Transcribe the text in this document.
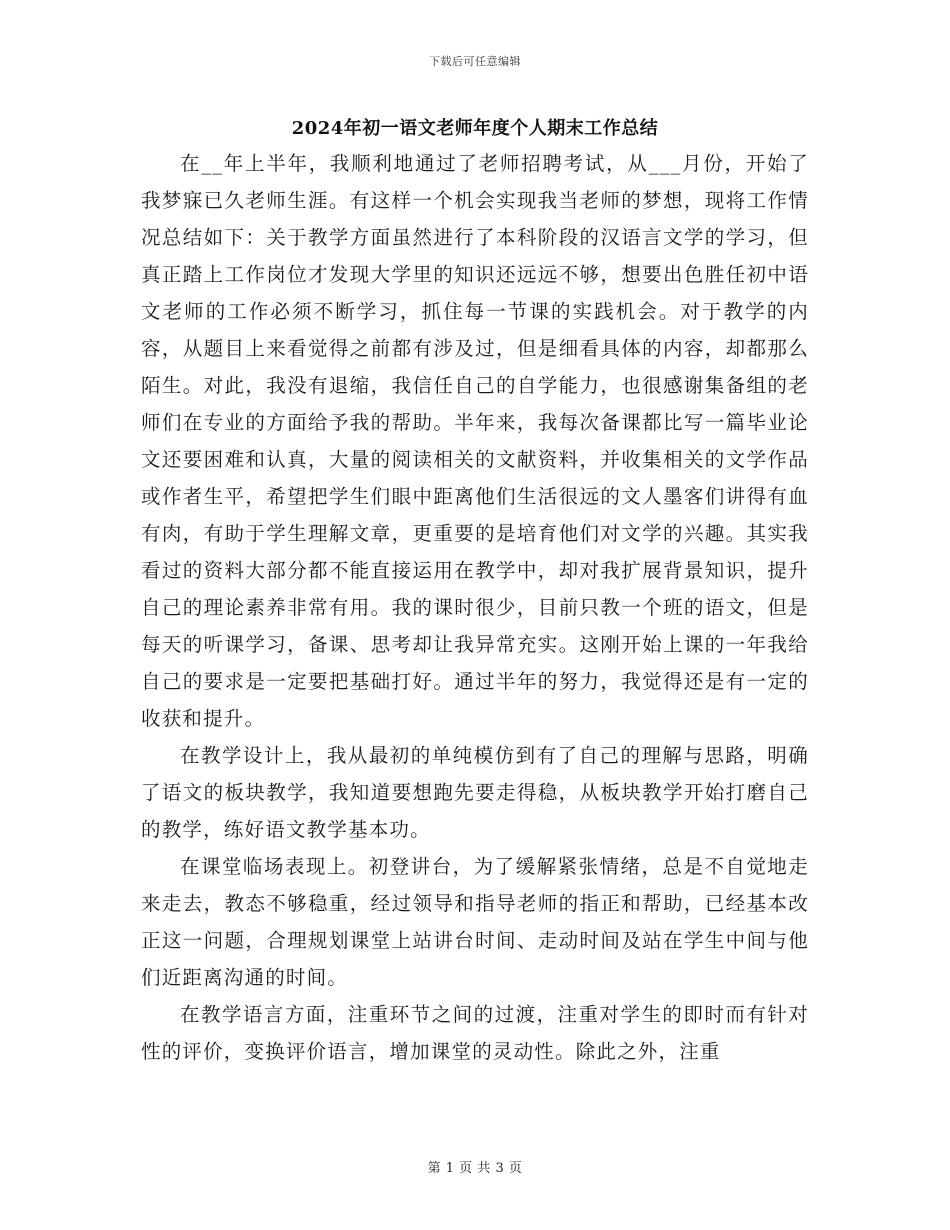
下载后可任意编辑
2024年初一语文老师年度个人期末工作总结

在__年上半年，我顺利地通过了老师招聘考试，从___月份，开始了我梦寐已久老师生涯。有这样一个机会实现我当老师的梦想，现将工作情况总结如下：关于教学方面虽然进行了本科阶段的汉语言文学的学习，但真正踏上工作岗位才发现大学里的知识还远远不够，想要出色胜任初中语文老师的工作必须不断学习，抓住每一节课的实践机会。对于教学的内容，从题目上来看觉得之前都有涉及过，但是细看具体的内容，却都那么陌生。对此，我没有退缩，我信任自己的自学能力，也很感谢集备组的老师们在专业的方面给予我的帮助。半年来，我每次备课都比写一篇毕业论文还要困难和认真，大量的阅读相关的文献资料，并收集相关的文学作品或作者生平，希望把学生们眼中距离他们生活很远的文人墨客们讲得有血有肉，有助于学生理解文章，更重要的是培育他们对文学的兴趣。其实我看过的资料大部分都不能直接运用在教学中，却对我扩展背景知识，提升自己的理论素养非常有用。我的课时很少，目前只教一个班的语文，但是每天的听课学习，备课、思考却让我异常充实。这刚开始上课的一年我给自己的要求是一定要把基础打好。通过半年的努力，我觉得还是有一定的收获和提升。

在教学设计上，我从最初的单纯模仿到有了自己的理解与思路，明确了语文的板块教学，我知道要想跑先要走得稳，从板块教学开始打磨自己的教学，练好语文教学基本功。

在课堂临场表现上。初登讲台，为了缓解紧张情绪，总是不自觉地走来走去，教态不够稳重，经过领导和指导老师的指正和帮助，已经基本改正这一问题，合理规划课堂上站讲台时间、走动时间及站在学生中间与他们近距离沟通的时间。

在教学语言方面，注重环节之间的过渡，注重对学生的即时而有针对性的评价，变换评价语言，增加课堂的灵动性。除此之外，注重

第 1 页 共 3 页
